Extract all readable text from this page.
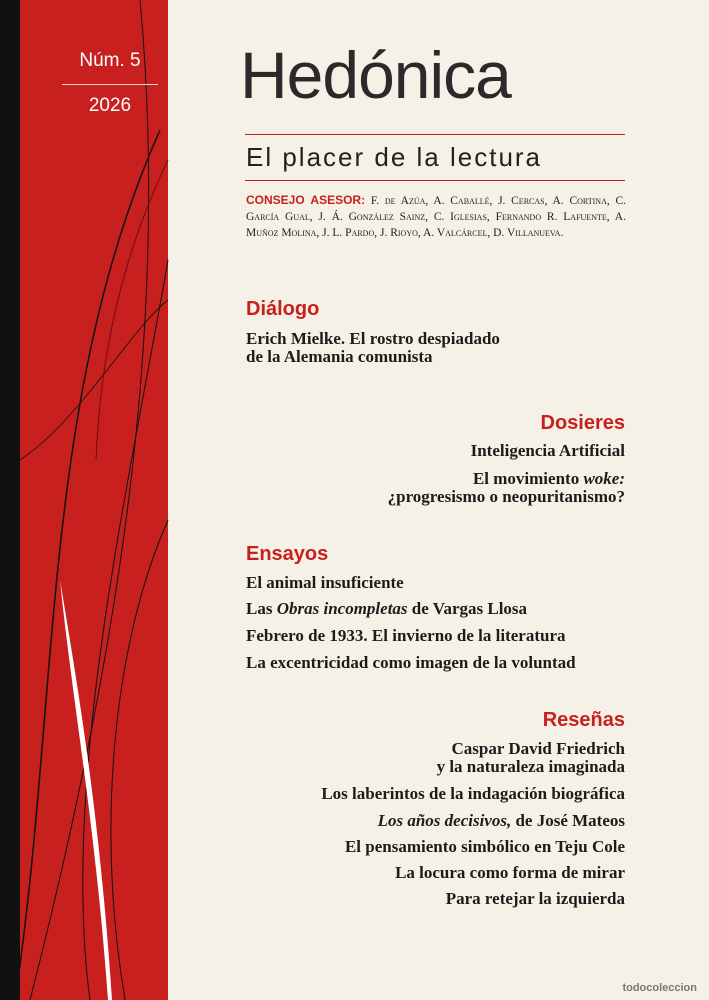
Núm. 5
2026	Hedónica
El placer de la lectura
CONSEJO ASESOR: F. de Azúa, A. Caballé, J. Cercas, A. Cortina, C. García Gual, J. Á. González Sainz, C. Iglesias, Fernando R. Lafuente, A. Muñoz Molina, J. L. Pardo, J. Rioyo, A. Valcárcel, D. Villanueva.
Diálogo
Erich Mielke. El rostro despiadado
de la Alemania comunista
Dosieres
Inteligencia Artificial
El movimiento woke:
¿progresismo o neopuritanismo?
Ensayos
El animal insuficiente
Las Obras incompletas de Vargas Llosa
Febrero de 1933. El invierno de la literatura
La excentricidad como imagen de la voluntad
Reseñas
Caspar David Friedrich
y la naturaleza imaginada
Los laberintos de la indagación biográfica
Los años decisivos, de José Mateos
El pensamiento simbólico en Teju Cole
La locura como forma de mirar
Para retejar la izquierda
todocoleccion
